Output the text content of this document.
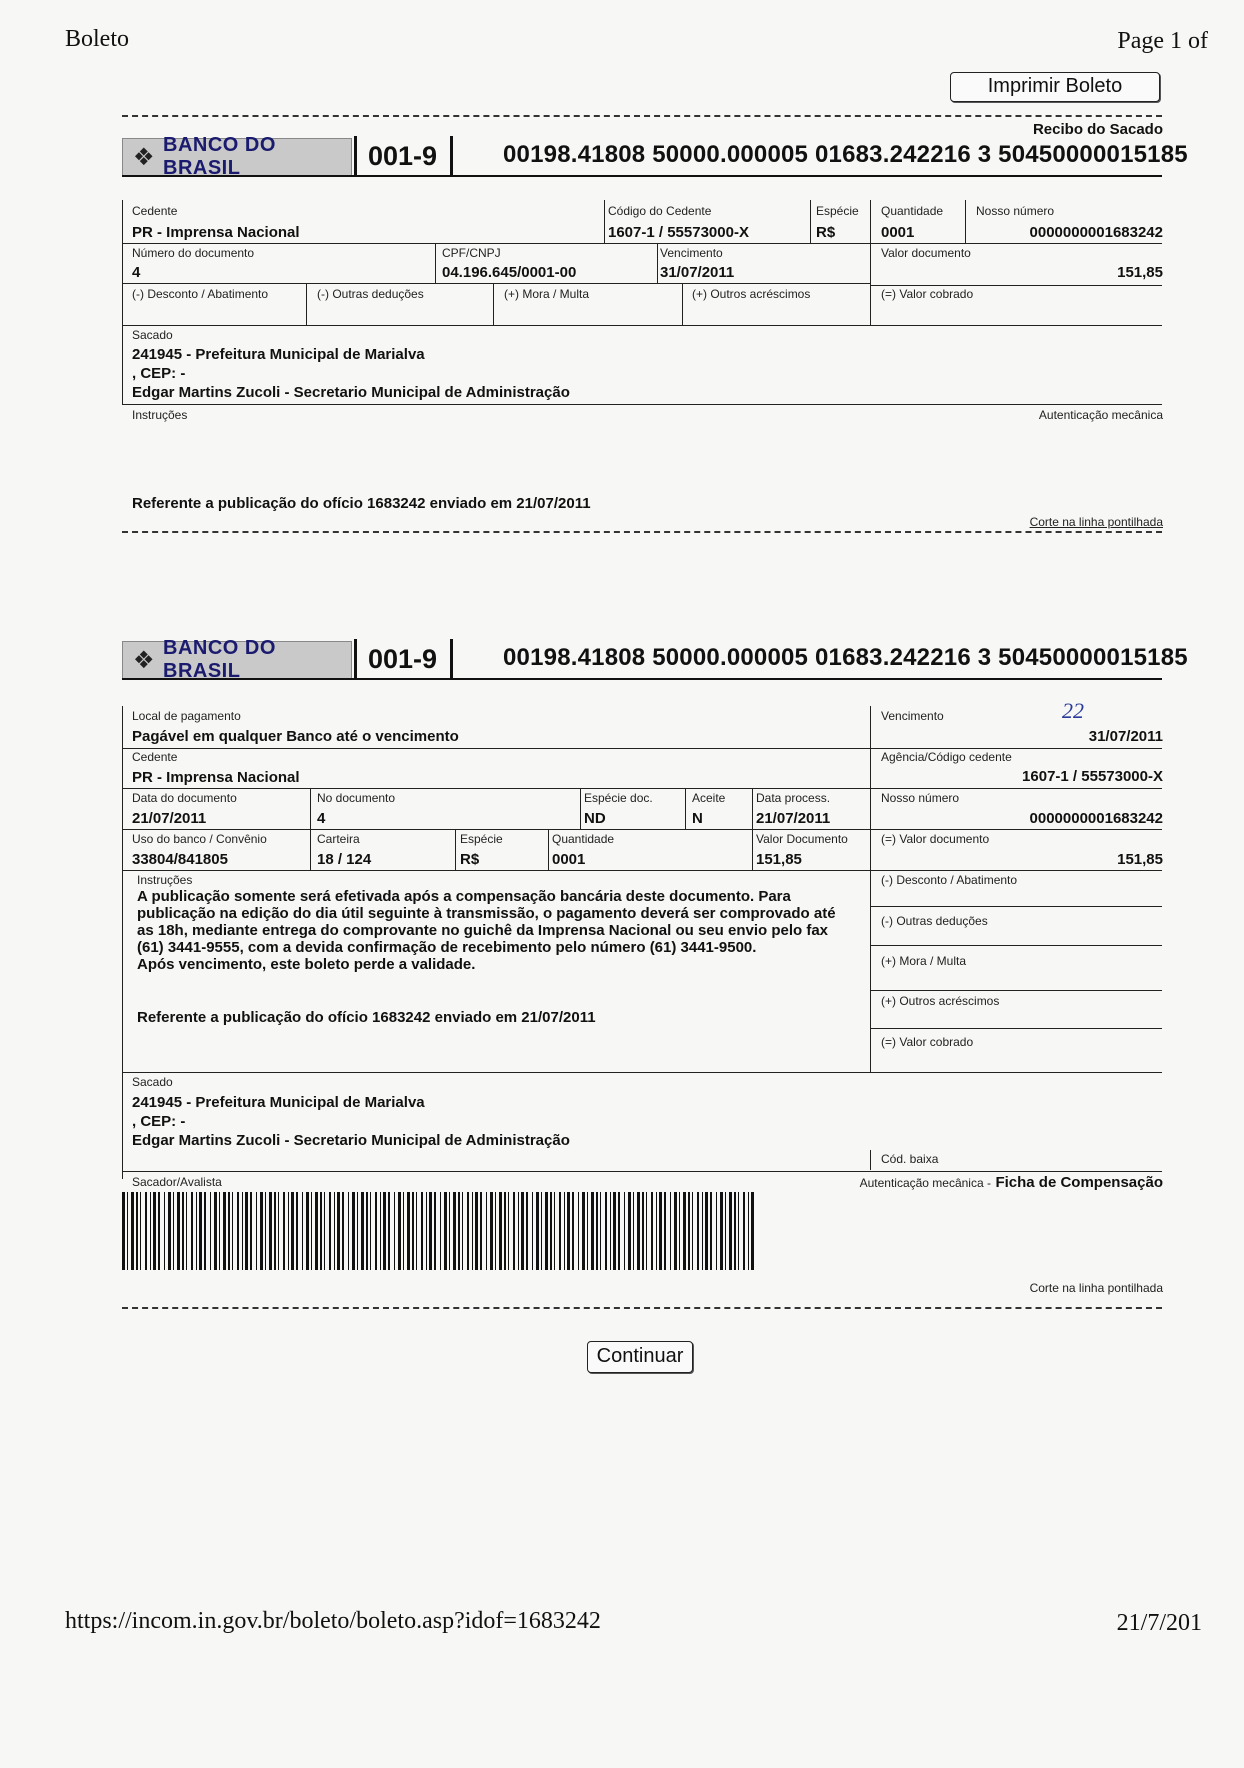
Boleto	Page 1 of
Imprimir Boleto
Recibo do Sacado
❖ BANCO DO BRASIL	001-9	00198.41808 50000.000005 01683.242216 3 50450000015185
Cedente
PR - Imprensa Nacional
Código do Cedente
1607-1 / 55573000-X
Espécie
R$
Quantidade
0001
Nosso número
0000000001683242
Número do documento
4
CPF/CNPJ
04.196.645/0001-00
Vencimento
31/07/2011
Valor documento
151,85
(-) Desconto / Abatimento	(-) Outras deduções	(+) Mora / Multa	(+) Outros acréscimos	(=) Valor cobrado
Sacado
241945 - Prefeitura Municipal de Marialva
, CEP: -
Edgar Martins Zucoli - Secretario Municipal de Administração
Instruções	Autenticação mecânica
Referente a publicação do ofício 1683242 enviado em 21/07/2011
Corte na linha pontilhada
❖ BANCO DO BRASIL	001-9	00198.41808 50000.000005 01683.242216 3 50450000015185
Local de pagamento
Pagável em qualquer Banco até o vencimento
Vencimento	22
31/07/2011
Cedente
PR - Imprensa Nacional
Agência/Código cedente
1607-1 / 55573000-X
Data do documento
21/07/2011
No documento
4
Espécie doc.
ND
Aceite
N
Data process.
21/07/2011
Nosso número
0000000001683242
Uso do banco / Convênio
33804/841805
Carteira
18 / 124
Espécie
R$
Quantidade
0001
Valor Documento
151,85
(=) Valor documento
151,85
Instruções
A publicação somente será efetivada após a compensação bancária deste documento. Para
publicação na edição do dia útil seguinte à transmissão, o pagamento deverá ser comprovado até
as 18h, mediante entrega do comprovante no guichê da Imprensa Nacional ou seu envio pelo fax
(61) 3441-9555, com a devida confirmação de recebimento pelo número (61) 3441-9500.
Após vencimento, este boleto perde a validade.
Referente a publicação do ofício 1683242 enviado em 21/07/2011
(-) Desconto / Abatimento
(-) Outras deduções
(+) Mora / Multa
(+) Outros acréscimos
(=) Valor cobrado
Sacado
241945 - Prefeitura Municipal de Marialva
, CEP: -
Edgar Martins Zucoli - Secretario Municipal de Administração
Cód. baixa
Sacador/Avalista	Autenticação mecânica - Ficha de Compensação
Corte na linha pontilhada
Continuar
https://incom.in.gov.br/boleto/boleto.asp?idof=1683242	21/7/201
